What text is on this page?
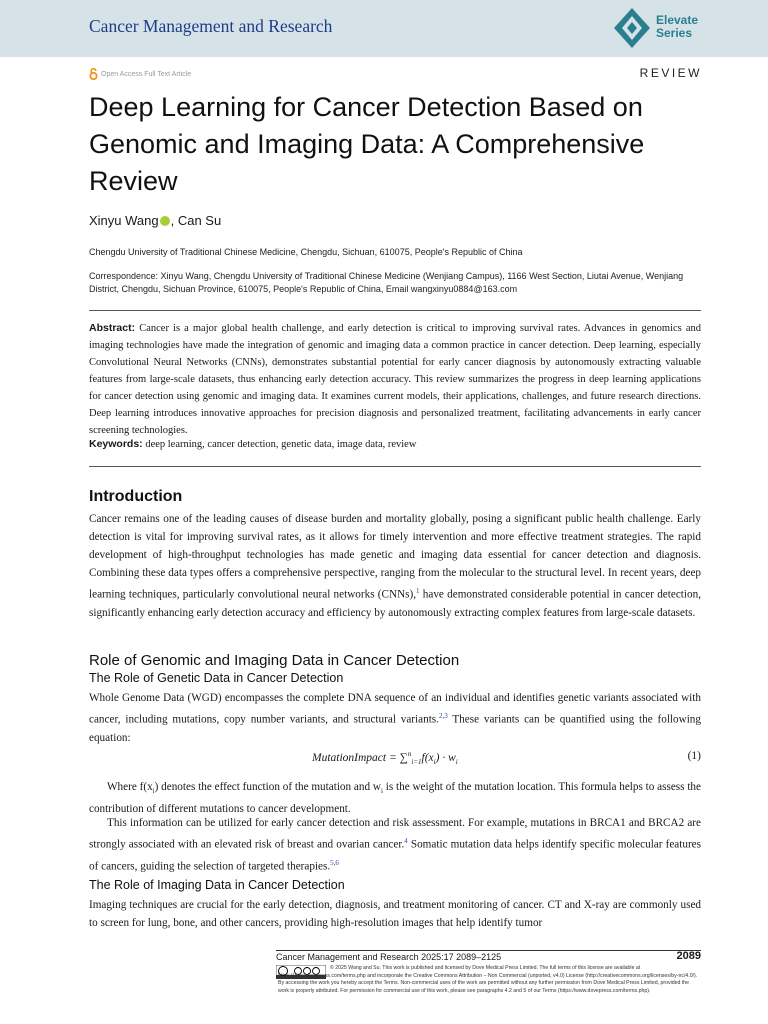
Cancer Management and Research	Elevate
Series
Open Access Full Text Article	REVIEW
Deep Learning for Cancer Detection Based on Genomic and Imaging Data: A Comprehensive Review
Xinyu Wang , Can Su
Chengdu University of Traditional Chinese Medicine, Chengdu, Sichuan, 610075, People's Republic of China
Correspondence: Xinyu Wang, Chengdu University of Traditional Chinese Medicine (Wenjiang Campus), 1166 West Section, Liutai Avenue, Wenjiang District, Chengdu, Sichuan Province, 610075, People's Republic of China, Email wangxinyu0884@163.com
Abstract: Cancer is a major global health challenge, and early detection is critical to improving survival rates. Advances in genomics and imaging technologies have made the integration of genomic and imaging data a common practice in cancer detection. Deep learning, especially Convolutional Neural Networks (CNNs), demonstrates substantial potential for early cancer diagnosis by autonomously extracting valuable features from large-scale datasets, thus enhancing early detection accuracy. This review summarizes the progress in deep learning applications for cancer detection using genomic and imaging data. It examines current models, their applications, challenges, and future research directions. Deep learning introduces innovative approaches for precision diagnosis and personalized treatment, facilitating advancements in early cancer screening technologies.
Keywords: deep learning, cancer detection, genetic data, image data, review
Introduction
Cancer remains one of the leading causes of disease burden and mortality globally, posing a significant public health challenge. Early detection is vital for improving survival rates, as it allows for timely intervention and more effective treatment strategies. The rapid development of high-throughput technologies has made genetic and imaging data essential for cancer detection and diagnosis. Combining these data types offers a comprehensive perspective, ranging from the molecular to the structural level. In recent years, deep learning techniques, particularly convolutional neural networks (CNNs),$^1$ have demonstrated considerable potential in cancer detection, significantly enhancing early detection accuracy and efficiency by autonomously extracting complex features from large-scale datasets.
Role of Genomic and Imaging Data in Cancer Detection
The Role of Genetic Data in Cancer Detection
Whole Genome Data (WGD) encompasses the complete DNA sequence of an individual and identifies genetic variants associated with cancer, including mutations, copy number variants, and structural variants.$^{2,3}$ These variants can be quantified using the following equation:
MutationImpact = $\sum^n_{i=1}f(x_i) \cdot w_i$
(1)
Where $f(x_i)$ denotes the effect function of the mutation and $w_i$ is the weight of the mutation location. This formula helps to assess the contribution of different mutations to cancer development.
This information can be utilized for early cancer detection and risk assessment. For example, mutations in BRCA1 and BRCA2 are strongly associated with an elevated risk of breast and ovarian cancer.$^4$ Somatic mutation data helps identify specific molecular features of cancers, guiding the selection of targeted therapies.$^{5,6}$
The Role of Imaging Data in Cancer Detection
Imaging techniques are crucial for the early detection, diagnosis, and treatment monitoring of cancer. CT and X-ray are commonly used to screen for lung, bone, and other cancers, providing high-resolution images that help identify tumor
Cancer Management and Research 2025:17 2089–2125	2089
© 2025 Wang and Su. This work is published and licensed by Dove Medical Press Limited. The full terms of this license are available at https://www.dovepress.com/terms.php and incorporate the Creative Commons Attribution – Non Commercial (unported, v4.0) License (http://creativecommons.org/licenses/by-nc/4.0/). By accessing the work you hereby accept the Terms. Non-commercial uses of the work are permitted without any further permission from Dove Medical Press Limited, provided the work is properly attributed. For permission for commercial use of this work, please see paragraphs 4.2 and 5 of our Terms (https://www.dovepress.com/terms.php).
